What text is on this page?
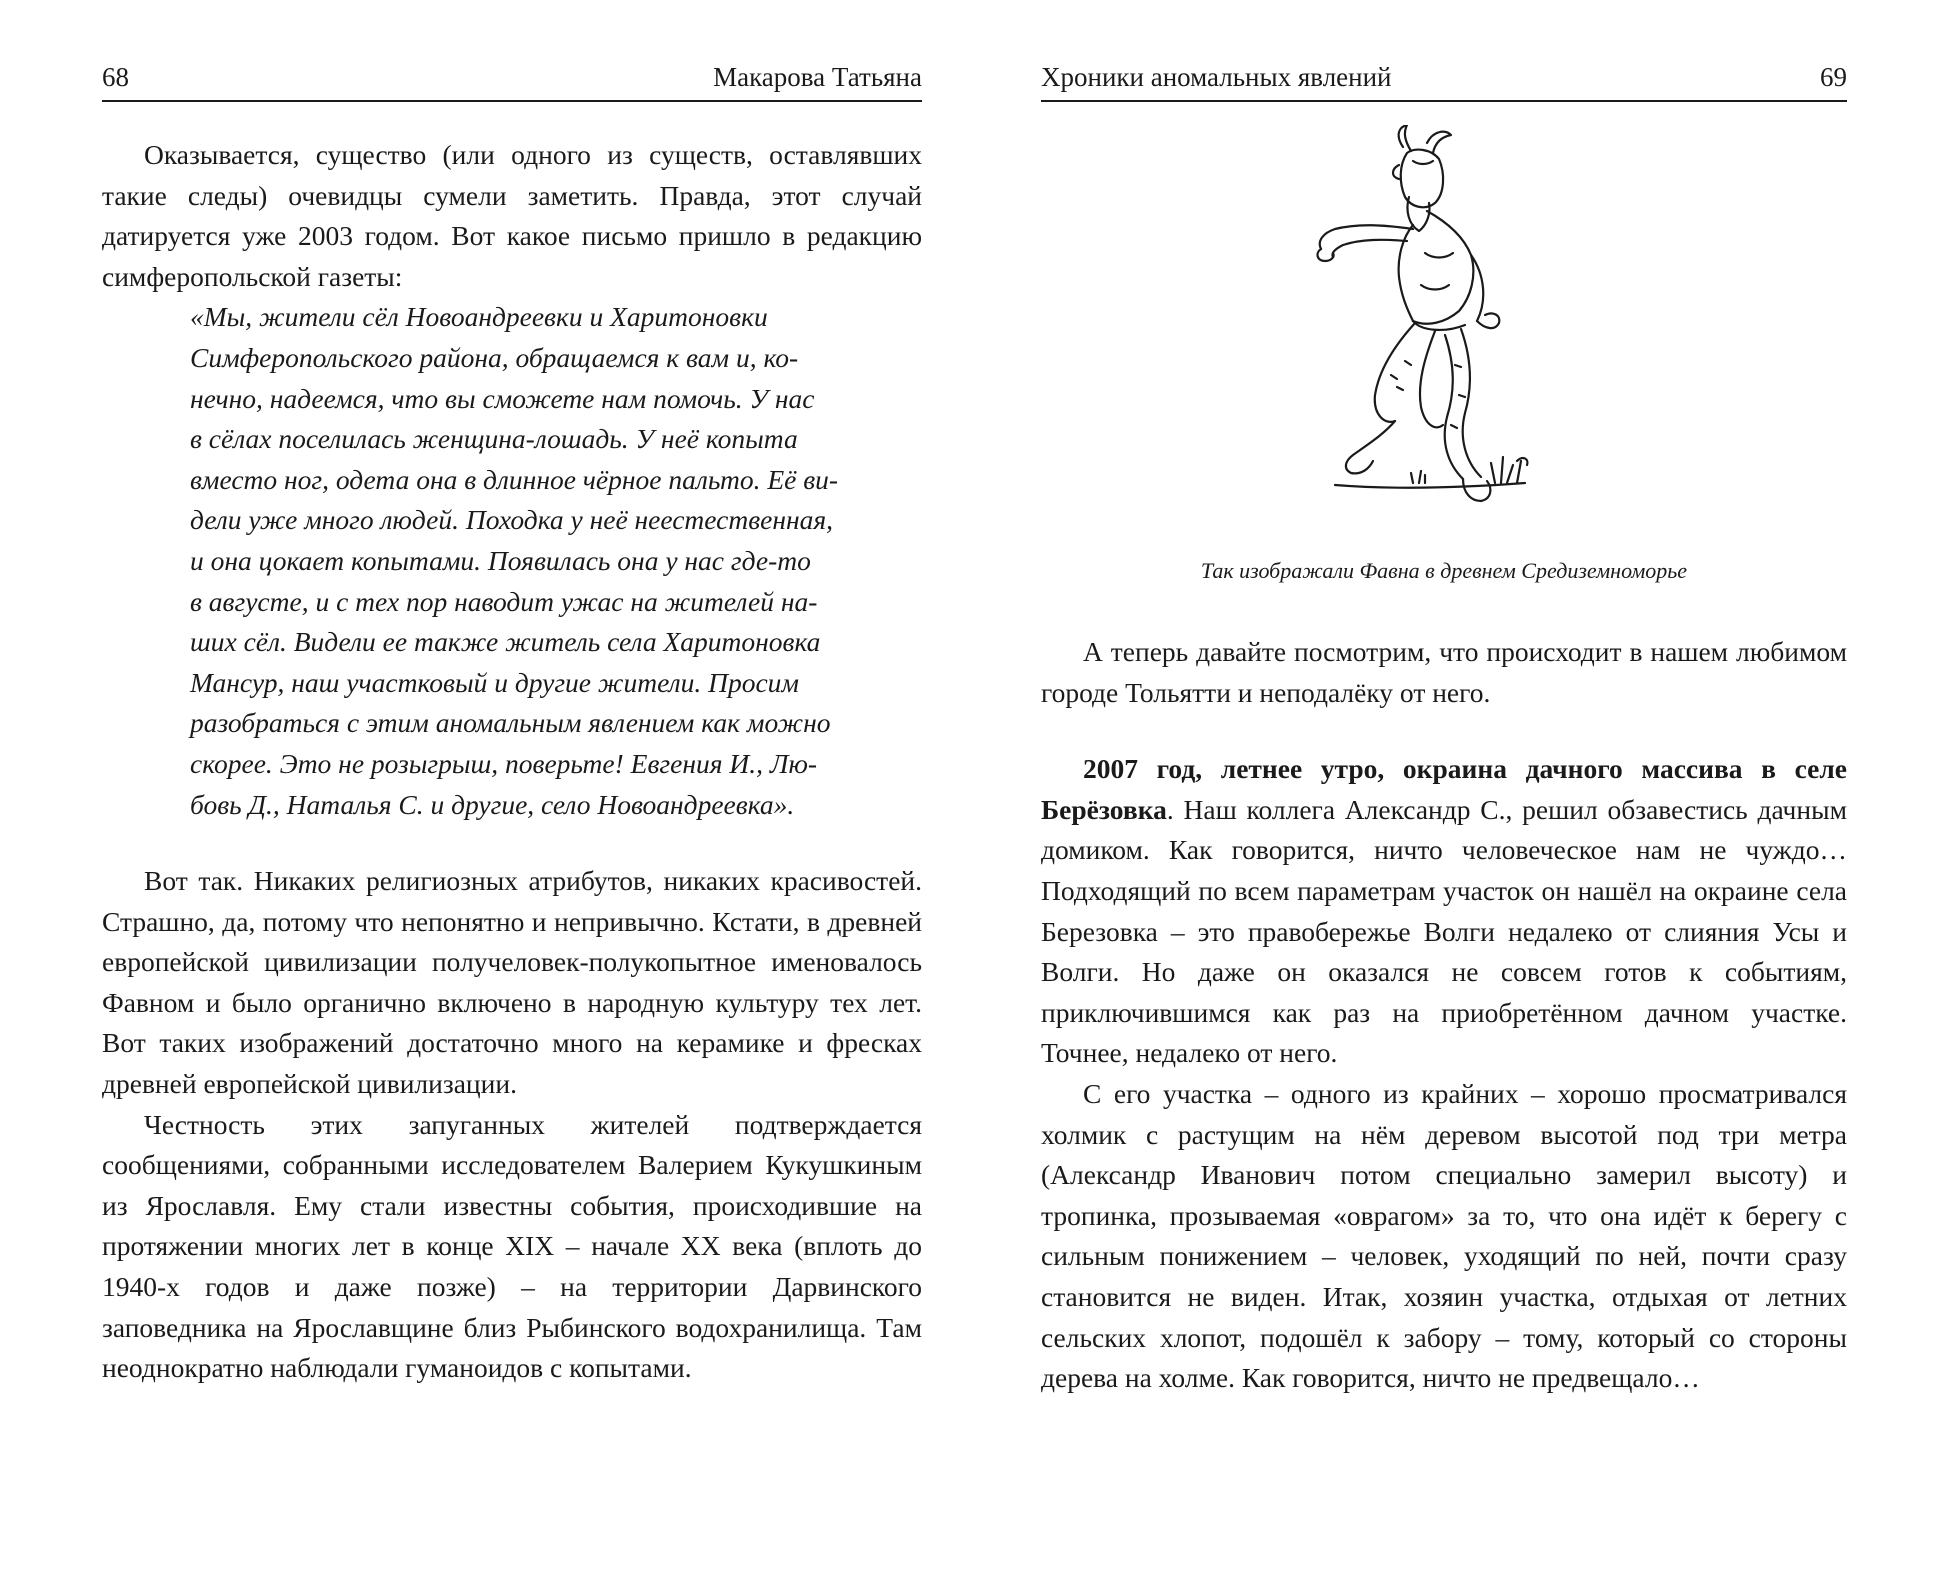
68	Макарова Татьяна

Оказывается, существо (или одного из существ, оставлявших такие следы) очевидцы сумели заметить. Правда, этот случай датируется уже 2003 годом. Вот какое письмо пришло в редакцию симферопольской газеты:

«Мы, жители сёл Новоандреевки и Харитоновки
Симферопольского района, обращаемся к вам и, ко-
нечно, надеемся, что вы сможете нам помочь. У нас
в сёлах поселилась женщина-лошадь. У неё копыта
вместо ног, одета она в длинное чёрное пальто. Её ви-
дели уже много людей. Походка у неё неестественная,
и она цокает копытами. Появилась она у нас где-то
в августе, и с тех пор наводит ужас на жителей на-
ших сёл. Видели ее также житель села Харитоновка
Мансур, наш участковый и другие жители. Просим
разобраться с этим аномальным явлением как можно
скорее. Это не розыгрыш, поверьте! Евгения И., Лю-
бовь Д., Наталья С. и другие, село Новоандреевка».

Вот так. Никаких религиозных атрибутов, никаких красивостей. Страшно, да, потому что непонятно и непривычно. Кстати, в древней европейской цивилизации получеловек-полукопытное именовалось Фавном и было органично включено в народную культуру тех лет. Вот таких изображений достаточно много на керамике и фресках древней европейской цивилизации.

Честность этих запуганных жителей подтверждается сообщениями, собранными исследователем Валерием Кукушкиным из Ярославля. Ему стали известны события, происходившие на протяжении многих лет в конце XIX – начале XX века (вплоть до 1940-х годов и даже позже) – на территории Дарвинского заповедника на Ярославщине близ Рыбинского водохранилища. Там неоднократно наблюдали гуманоидов с копытами.

Хроники аномальных явлений	69
Так изображали Фавна в древнем Средиземноморье

А теперь давайте посмотрим, что происходит в нашем любимом городе Тольятти и неподалёку от него.

2007 год, летнее утро, окраина дачного массива в селе Берёзовка. Наш коллега Александр С., решил обзавестись дачным домиком. Как говорится, ничто человеческое нам не чуждо… Подходящий по всем параметрам участок он нашёл на окраине села Березовка – это правобережье Волги недалеко от слияния Усы и Волги. Но даже он оказался не совсем готов к событиям, приключившимся как раз на приобретённом дачном участке. Точнее, недалеко от него.

С его участка – одного из крайних – хорошо просматривался холмик с растущим на нём деревом высотой под три метра (Александр Иванович потом специально замерил высоту) и тропинка, прозываемая «оврагом» за то, что она идёт к берегу с сильным понижением – человек, уходящий по ней, почти сразу становится не виден. Итак, хозяин участка, отдыхая от летних сельских хлопот, подошёл к забору – тому, который со стороны дерева на холме. Как говорится, ничто не предвещало…
